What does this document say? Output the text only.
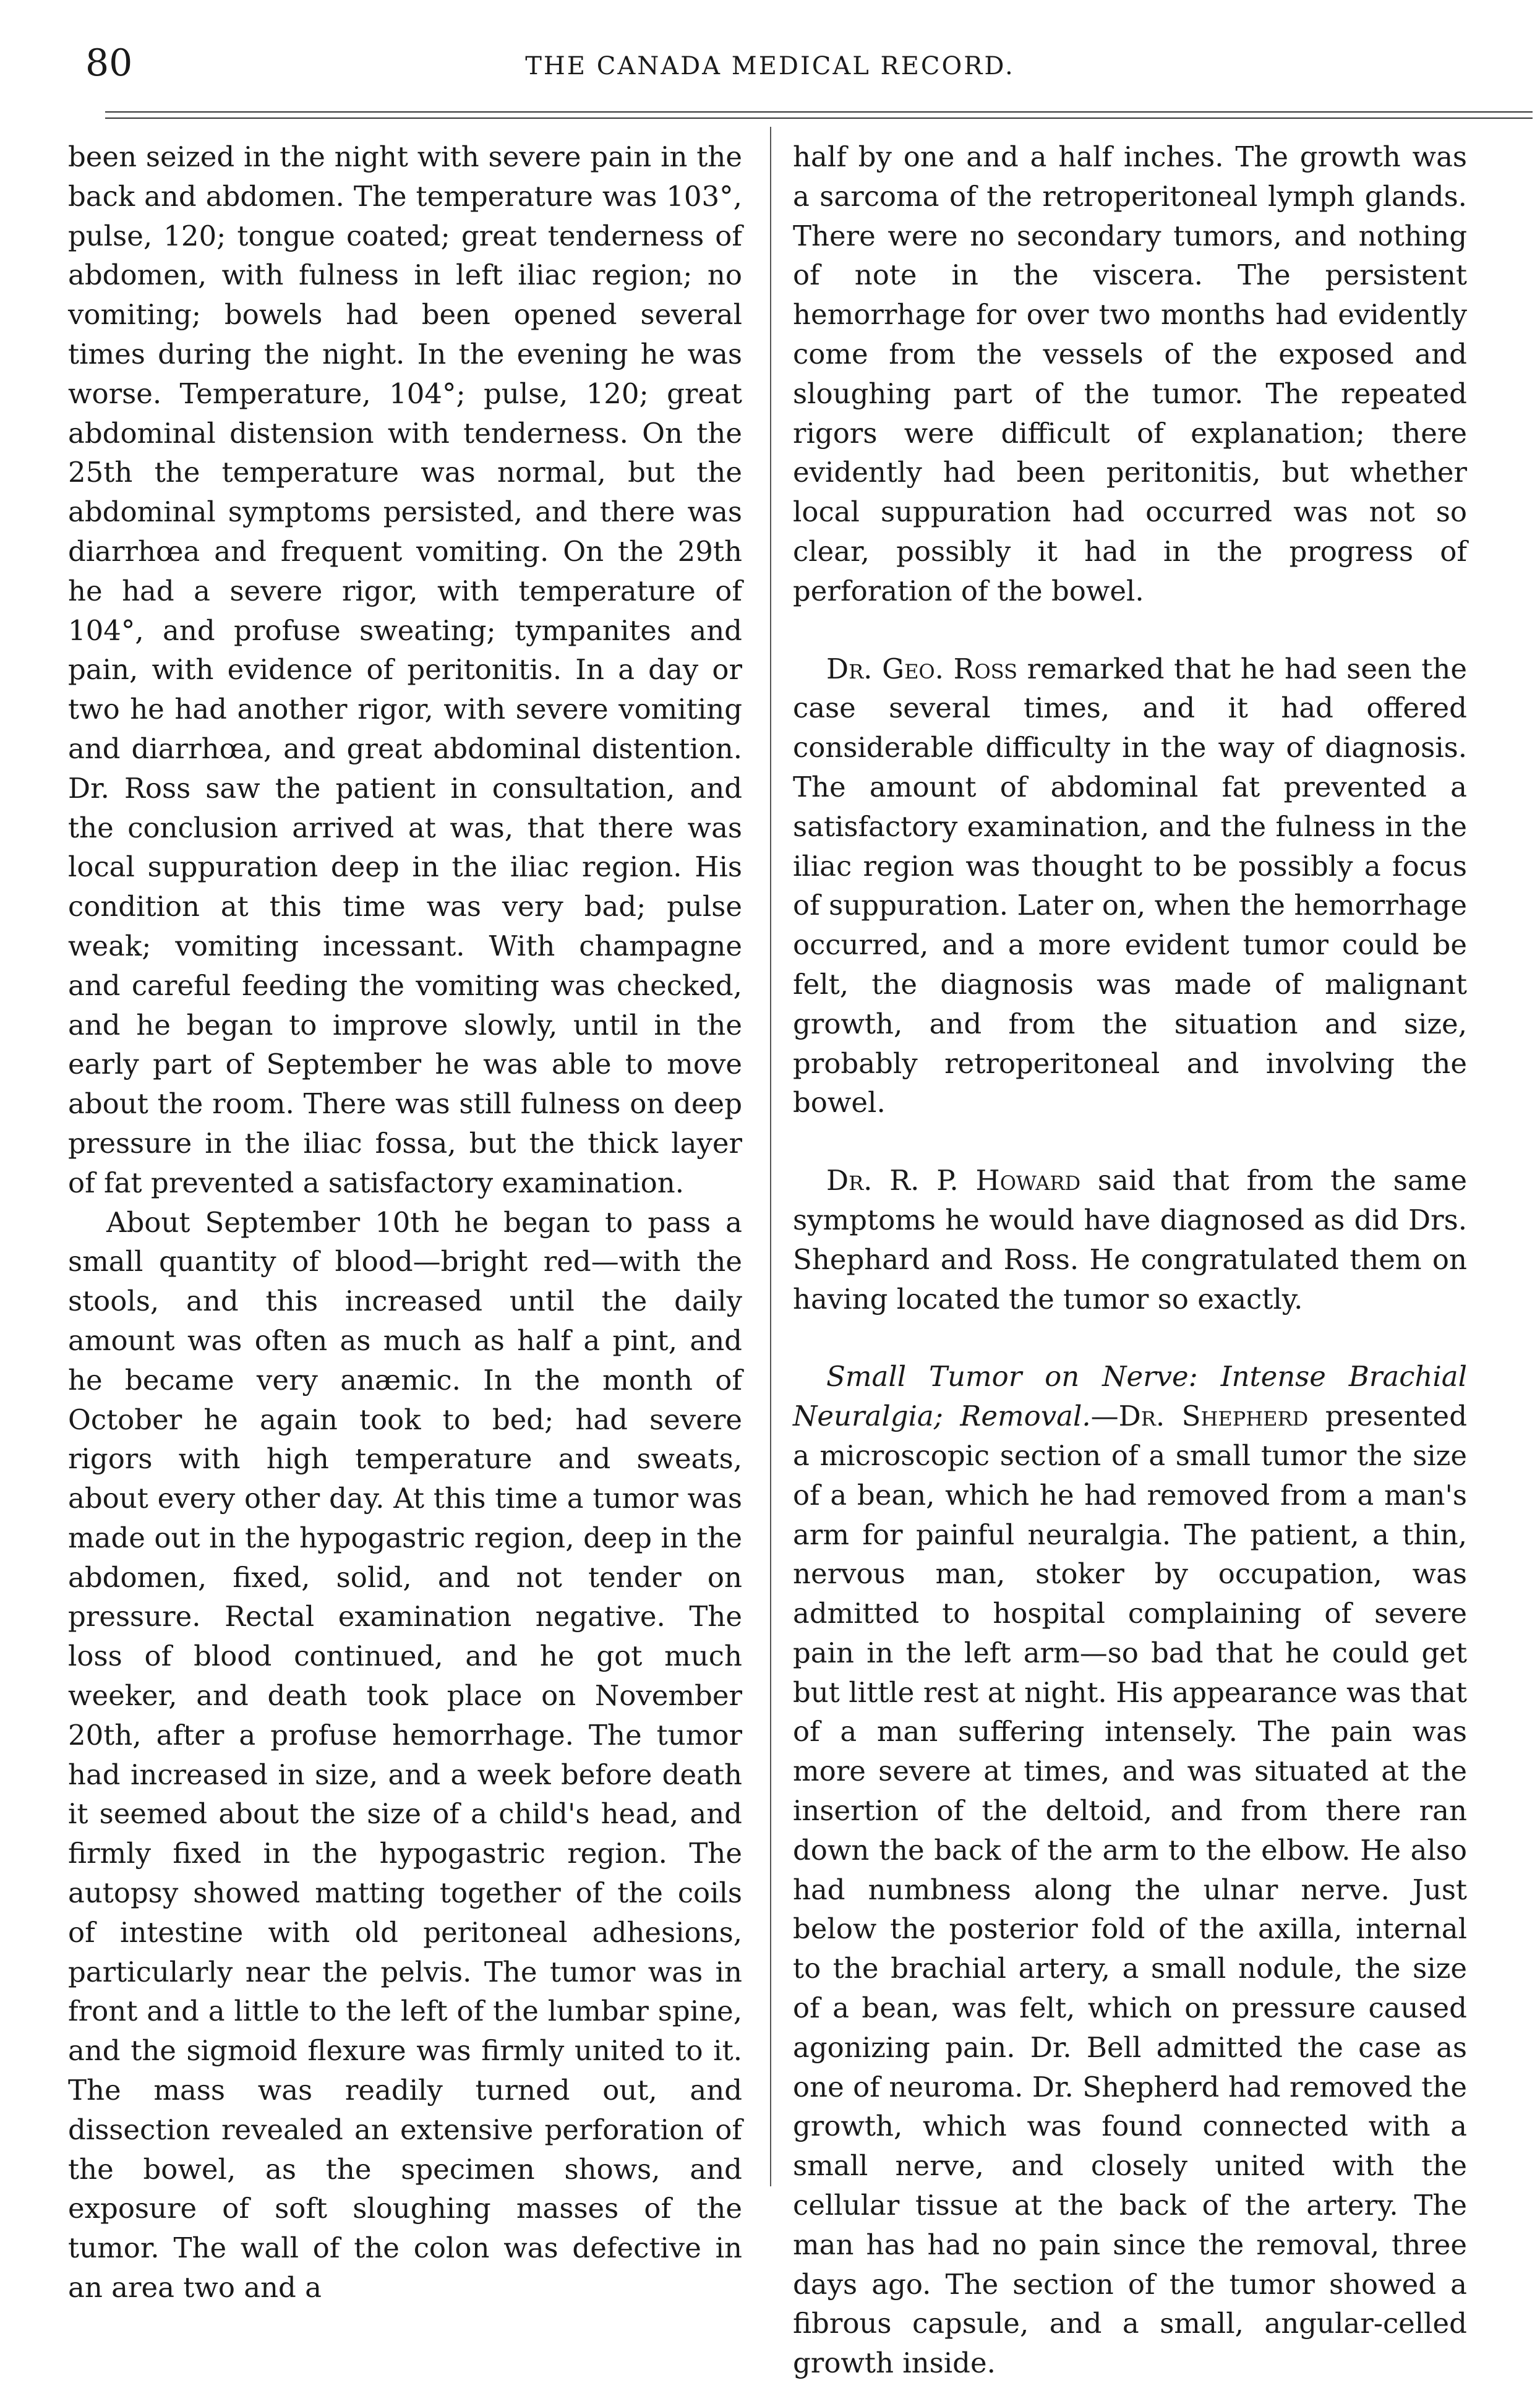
80	THE CANADA MEDICAL RECORD.

been seized in the night with severe pain in the back and abdomen. The temperature was 103°, pulse, 120; tongue coated; great tenderness of abdomen, with fulness in left iliac region; no vomiting; bowels had been opened several times during the night. In the evening he was worse. Temperature, 104°; pulse, 120; great abdominal distension with tenderness. On the 25th the temperature was normal, but the abdominal symptoms persisted, and there was diarrhœa and frequent vomiting. On the 29th he had a severe rigor, with temperature of 104°, and profuse sweating; tympanites and pain, with evidence of peritonitis. In a day or two he had another rigor, with severe vomiting and diarrhœa, and great abdominal distention. Dr. Ross saw the patient in consultation, and the conclusion arrived at was, that there was local suppuration deep in the iliac region. His condition at this time was very bad; pulse weak; vomiting incessant. With champagne and careful feeding the vomiting was checked, and he began to improve slowly, until in the early part of September he was able to move about the room. There was still fulness on deep pressure in the iliac fossa, but the thick layer of fat prevented a satisfactory examination.

About September 10th he began to pass a small quantity of blood—bright red—with the stools, and this increased until the daily amount was often as much as half a pint, and he became very anæmic. In the month of October he again took to bed; had severe rigors with high temperature and sweats, about every other day. At this time a tumor was made out in the hypogastric region, deep in the abdomen, fixed, solid, and not tender on pressure. Rectal examination negative. The loss of blood continued, and he got much weeker, and death took place on November 20th, after a profuse hemorrhage. The tumor had increased in size, and a week before death it seemed about the size of a child's head, and firmly fixed in the hypogastric region. The autopsy showed matting together of the coils of intestine with old peritoneal adhesions, particularly near the pelvis. The tumor was in front and a little to the left of the lumbar spine, and the sigmoid flexure was firmly united to it. The mass was readily turned out, and dissection revealed an extensive perforation of the bowel, as the specimen shows, and exposure of soft sloughing masses of the tumor. The wall of the colon was defective in an area two and a

half by one and a half inches. The growth was a sarcoma of the retroperitoneal lymph glands. There were no secondary tumors, and nothing of note in the viscera. The persistent hemorrhage for over two months had evidently come from the vessels of the exposed and sloughing part of the tumor. The repeated rigors were difficult of explanation; there evidently had been peritonitis, but whether local suppuration had occurred was not so clear, possibly it had in the progress of perforation of the bowel.

Dr. Geo. Ross remarked that he had seen the case several times, and it had offered considerable difficulty in the way of diagnosis. The amount of abdominal fat prevented a satisfactory examination, and the fulness in the iliac region was thought to be possibly a focus of suppuration. Later on, when the hemorrhage occurred, and a more evident tumor could be felt, the diagnosis was made of malignant growth, and from the situation and size, probably retroperitoneal and involving the bowel.

Dr. R. P. Howard said that from the same symptoms he would have diagnosed as did Drs. Shephard and Ross. He congratulated them on having located the tumor so exactly.

Small Tumor on Nerve: Intense Brachial Neuralgia; Removal.—Dr. Shepherd presented a microscopic section of a small tumor the size of a bean, which he had removed from a man's arm for painful neuralgia. The patient, a thin, nervous man, stoker by occupation, was admitted to hospital complaining of severe pain in the left arm—so bad that he could get but little rest at night. His appearance was that of a man suffering intensely. The pain was more severe at times, and was situated at the insertion of the deltoid, and from there ran down the back of the arm to the elbow. He also had numbness along the ulnar nerve. Just below the posterior fold of the axilla, internal to the brachial artery, a small nodule, the size of a bean, was felt, which on pressure caused agonizing pain. Dr. Bell admitted the case as one of neuroma. Dr. Shepherd had removed the growth, which was found connected with a small nerve, and closely united with the cellular tissue at the back of the artery. The man has had no pain since the removal, three days ago. The section of the tumor showed a fibrous capsule, and a small, angular-celled growth inside.
